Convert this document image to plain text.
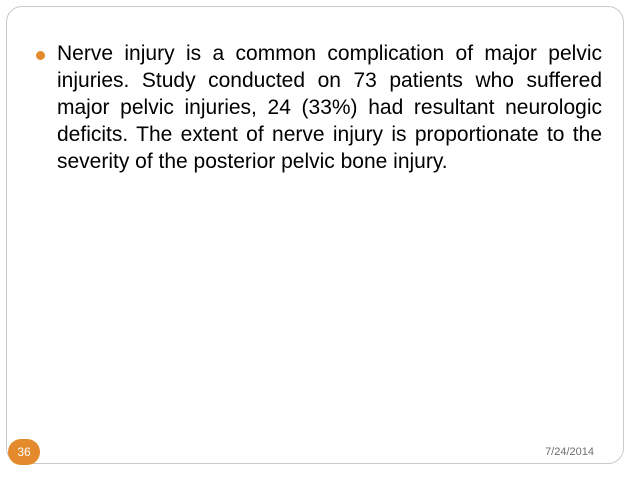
Nerve injury is a common complication of major pelvic injuries. Study conducted on 73 patients who suffered major pelvic injuries, 24 (33%) had resultant neurologic deficits. The extent of nerve injury is proportionate to the severity of the posterior pelvic bone injury.

36	7/24/2014
